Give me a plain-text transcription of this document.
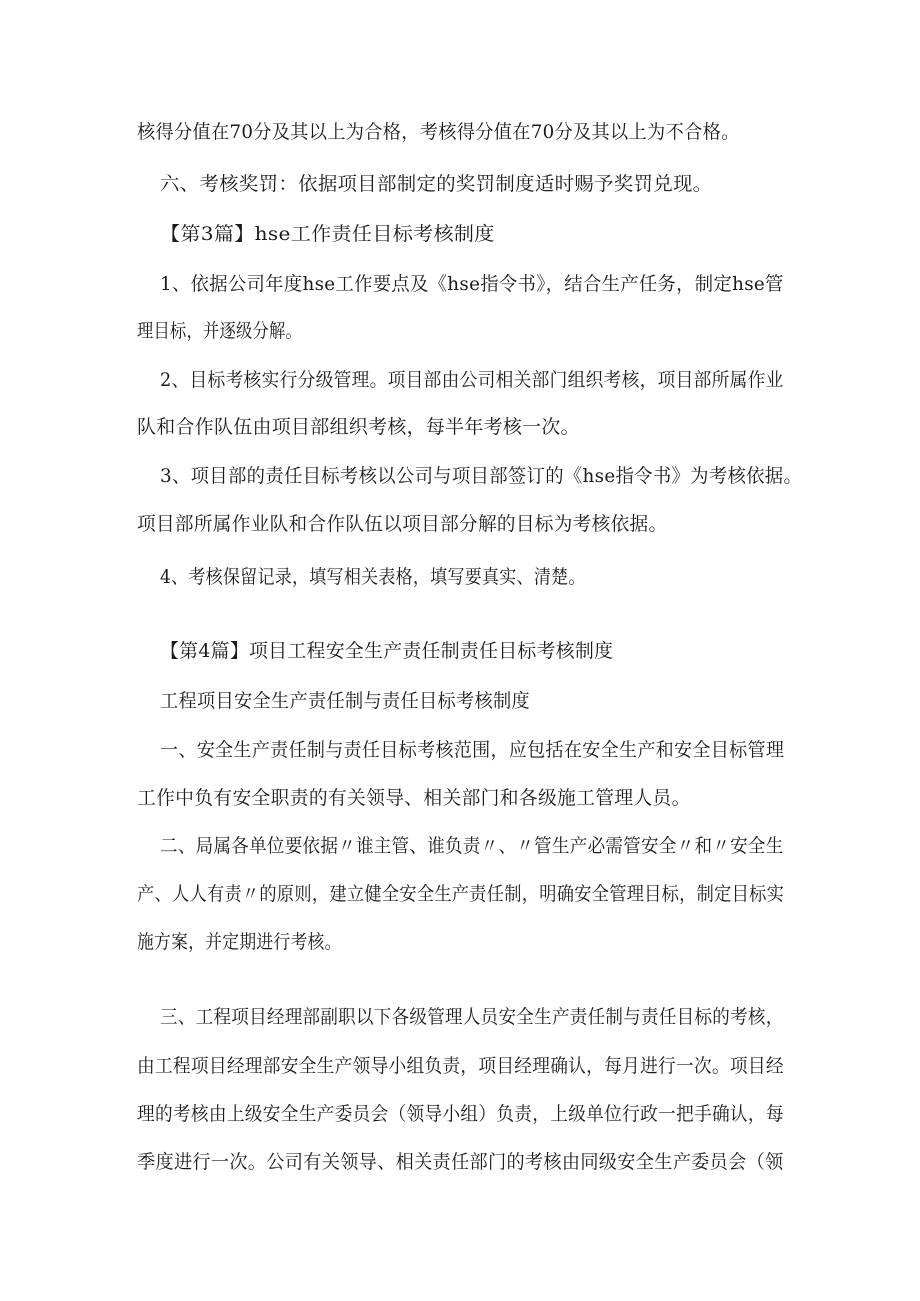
核得分值在70分及其以上为合格，考核得分值在70分及其以上为不合格。
六、考核奖罚：依据项目部制定的奖罚制度适时赐予奖罚兑现。
【第3篇】hse工作责任目标考核制度
1、依据公司年度hse工作要点及《hse指令书》，结合生产任务，制定hse管
理目标，并逐级分解。
2、目标考核实行分级管理。项目部由公司相关部门组织考核，项目部所属作业
队和合作队伍由项目部组织考核，每半年考核一次。
3、项目部的责任目标考核以公司与项目部签订的《hse指令书》为考核依据。
项目部所属作业队和合作队伍以项目部分解的目标为考核依据。
4、考核保留记录，填写相关表格，填写要真实、清楚。
【第4篇】项目工程安全生产责任制责任目标考核制度
工程项目安全生产责任制与责任目标考核制度
一、安全生产责任制与责任目标考核范围，应包括在安全生产和安全目标管理
工作中负有安全职责的有关领导、相关部门和各级施工管理人员。
二、局属各单位要依据〃谁主管、谁负责〃、〃管生产必需管安全〃和〃安全生
产、人人有责〃的原则，建立健全安全生产责任制，明确安全管理目标，制定目标实
施方案，并定期进行考核。
三、工程项目经理部副职以下各级管理人员安全生产责任制与责任目标的考核，
由工程项目经理部安全生产领导小组负责，项目经理确认，每月进行一次。项目经
理的考核由上级安全生产委员会（领导小组）负责，上级单位行政一把手确认，每
季度进行一次。公司有关领导、相关责任部门的考核由同级安全生产委员会（领
